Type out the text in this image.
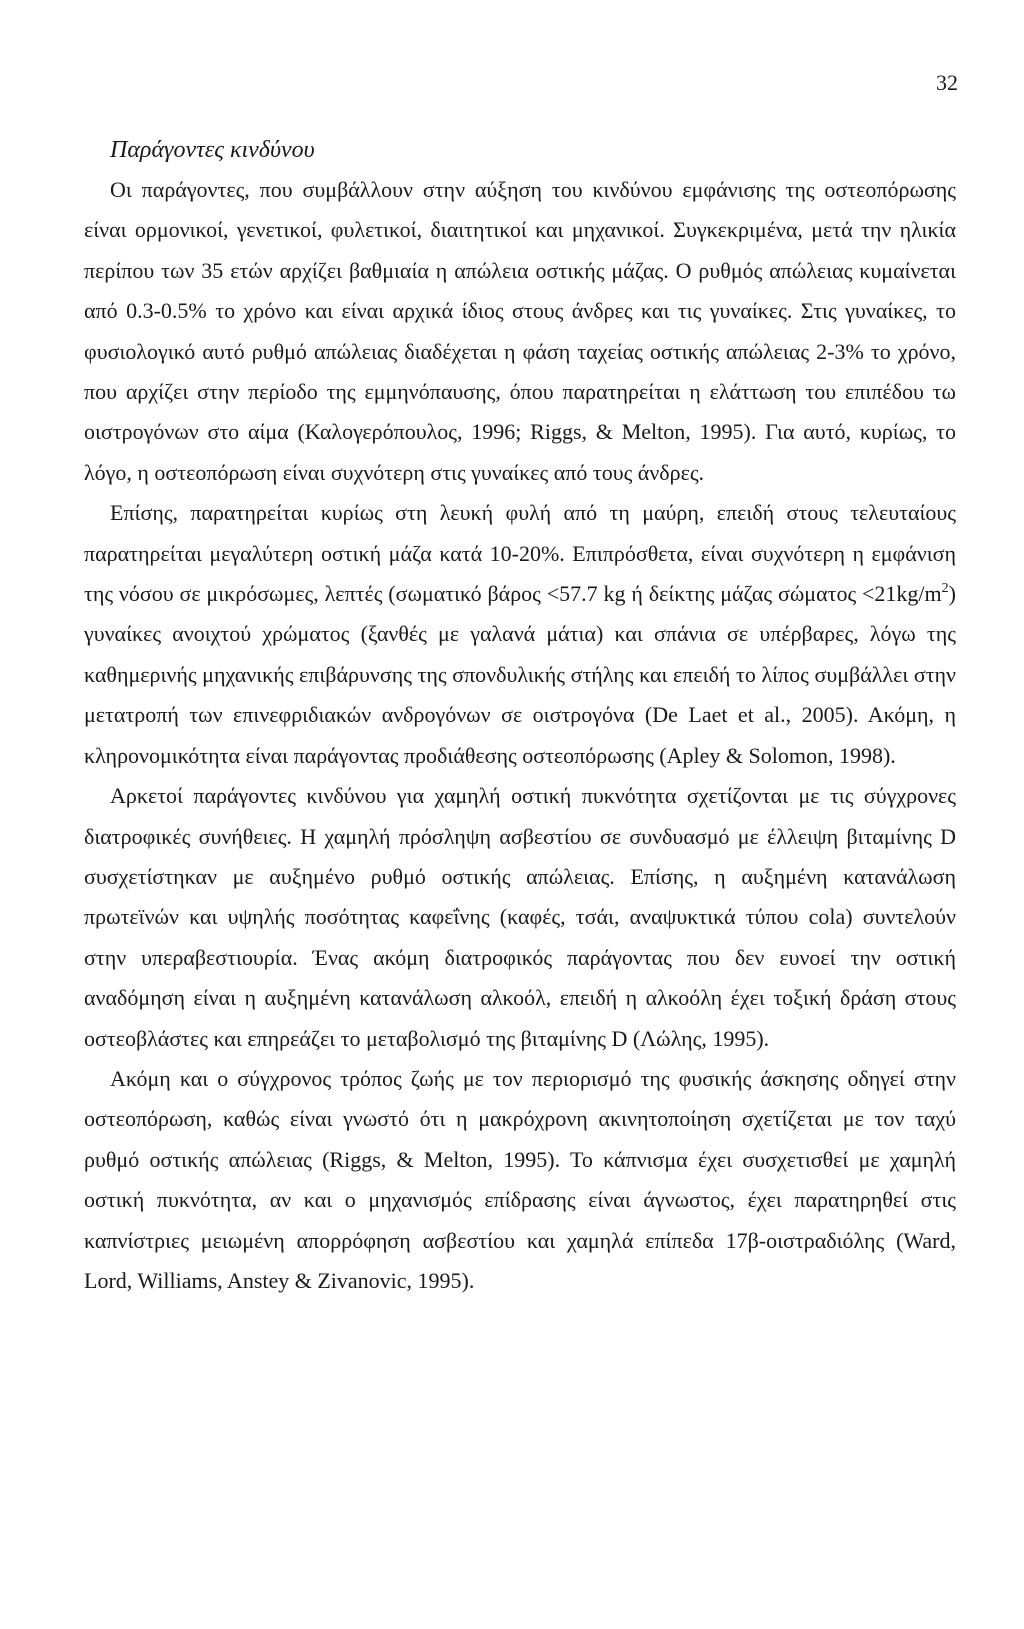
32
Παράγοντες κινδύνου

Οι παράγοντες, που συμβάλλουν στην αύξηση του κινδύνου εμφάνισης της οστεοπόρωσης είναι ορμονικοί, γενετικοί, φυλετικοί, διαιτητικοί και μηχανικοί. Συγκεκριμένα, μετά την ηλικία περίπου των 35 ετών αρχίζει βαθμιαία η απώλεια οστικής μάζας. Ο ρυθμός απώλειας κυμαίνεται από 0.3-0.5% το χρόνο και είναι αρχικά ίδιος στους άνδρες και τις γυναίκες. Στις γυναίκες, το φυσιολογικό αυτό ρυθμό απώλειας διαδέχεται η φάση ταχείας οστικής απώλειας 2-3% το χρόνο, που αρχίζει στην περίοδο της εμμηνόπαυσης, όπου παρατηρείται η ελάττωση του επιπέδου τω οιστρογόνων στο αίμα (Καλογερόπουλος, 1996; Riggs, & Melton, 1995). Για αυτό, κυρίως, το λόγο, η οστεοπόρωση είναι συχνότερη στις γυναίκες από τους άνδρες.

Επίσης, παρατηρείται κυρίως στη λευκή φυλή από τη μαύρη, επειδή στους τελευταίους παρατηρείται μεγαλύτερη οστική μάζα κατά 10-20%. Επιπρόσθετα, είναι συχνότερη η εμφάνιση της νόσου σε μικρόσωμες, λεπτές (σωματικό βάρος <57.7 kg ή δείκτης μάζας $\sigma ώ\mu\alpha\tau o\varsigma <21kg/m^2$) γυναίκες ανοιχτού χρώματος (ξανθές με γαλανά μάτια) και σπάνια σε υπέρβαρες, λόγω της καθημερινής μηχανικής επιβάρυνσης της σπονδυλικής στήλης και επειδή το λίπος συμβάλλει στην μετατροπή των επινεφριδιακών ανδρογόνων σε οιστρογόνα (De Laet et al., 2005). Ακόμη, η κληρονομικότητα είναι παράγοντας προδιάθεσης οστεοπόρωσης (Apley & Solomon, 1998).

Αρκετοί παράγοντες κινδύνου για χαμηλή οστική πυκνότητα σχετίζονται με τις σύγχρονες διατροφικές συνήθειες. Η χαμηλή πρόσληψη ασβεστίου σε συνδυασμό με έλλειψη βιταμίνης D συσχετίστηκαν με αυξημένο ρυθμό οστικής απώλειας. Επίσης, η αυξημένη κατανάλωση πρωτεϊνών και υψηλής ποσότητας καφεΐνης (καφές, τσάι, αναψυκτικά τύπου cola) συντελούν στην υπεραβεστιουρία. Ένας ακόμη διατροφικός παράγοντας που δεν ευνοεί την οστική αναδόμηση είναι η αυξημένη κατανάλωση αλκοόλ, επειδή η αλκοόλη έχει τοξική δράση στους οστεοβλάστες και επηρεάζει το μεταβολισμό της βιταμίνης D (Λώλης, 1995).

Ακόμη και ο σύγχρονος τρόπος ζωής με τον περιορισμό της φυσικής άσκησης οδηγεί στην οστεοπόρωση, καθώς είναι γνωστό ότι η μακρόχρονη ακινητοποίηση σχετίζεται με τον ταχύ ρυθμό οστικής απώλειας (Riggs, & Melton, 1995). Το κάπνισμα έχει συσχετισθεί με χαμηλή οστική πυκνότητα, αν και ο μηχανισμός επίδρασης είναι άγνωστος, έχει παρατηρηθεί στις καπνίστριες μειωμένη απορρόφηση ασβεστίου και χαμηλά επίπεδα 17β-οιστραδιόλης (Ward, Lord, Williams, Anstey & Zivanovic, 1995).
